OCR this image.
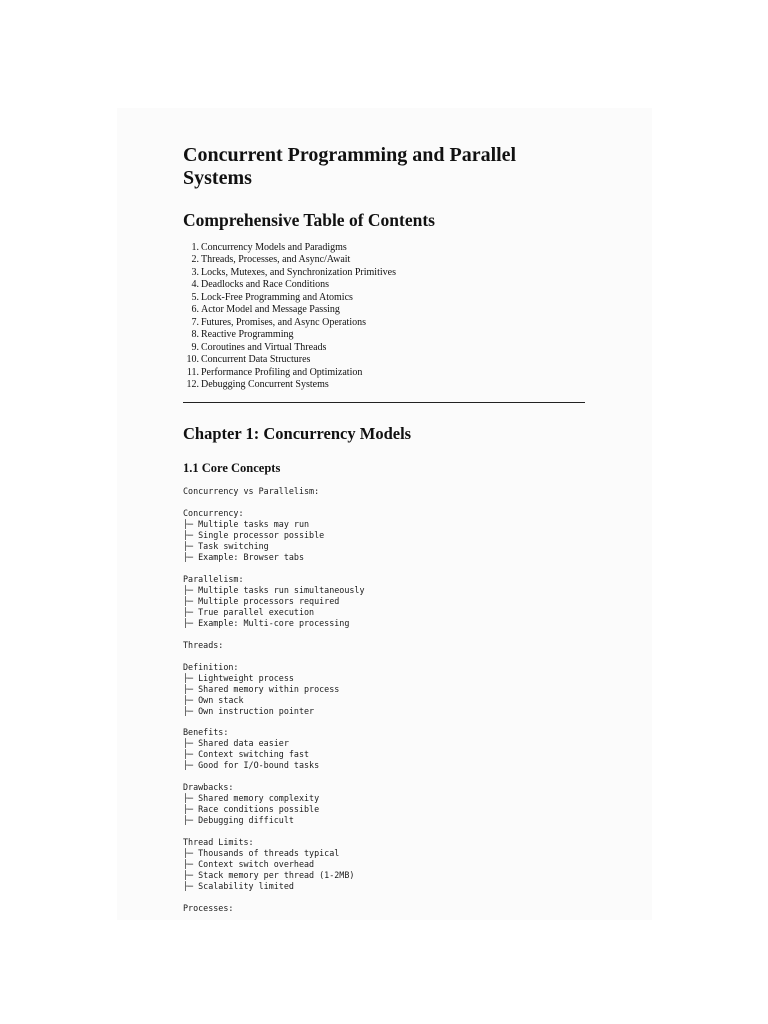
Concurrent Programming and Parallel Systems
Comprehensive Table of Contents
1. Concurrency Models and Paradigms
2. Threads, Processes, and Async/Await
3. Locks, Mutexes, and Synchronization Primitives
4. Deadlocks and Race Conditions
5. Lock-Free Programming and Atomics
6. Actor Model and Message Passing
7. Futures, Promises, and Async Operations
8. Reactive Programming
9. Coroutines and Virtual Threads
10. Concurrent Data Structures
11. Performance Profiling and Optimization
12. Debugging Concurrent Systems
Chapter 1: Concurrency Models
1.1 Core Concepts
Concurrency vs Parallelism:

Concurrency:
├─ Multiple tasks may run
├─ Single processor possible
├─ Task switching
├─ Example: Browser tabs

Parallelism:
├─ Multiple tasks run simultaneously
├─ Multiple processors required
├─ True parallel execution
├─ Example: Multi-core processing

Threads:

Definition:
├─ Lightweight process
├─ Shared memory within process
├─ Own stack
├─ Own instruction pointer

Benefits:
├─ Shared data easier
├─ Context switching fast
├─ Good for I/O-bound tasks

Drawbacks:
├─ Shared memory complexity
├─ Race conditions possible
├─ Debugging difficult

Thread Limits:
├─ Thousands of threads typical
├─ Context switch overhead
├─ Stack memory per thread (1-2MB)
├─ Scalability limited

Processes:
